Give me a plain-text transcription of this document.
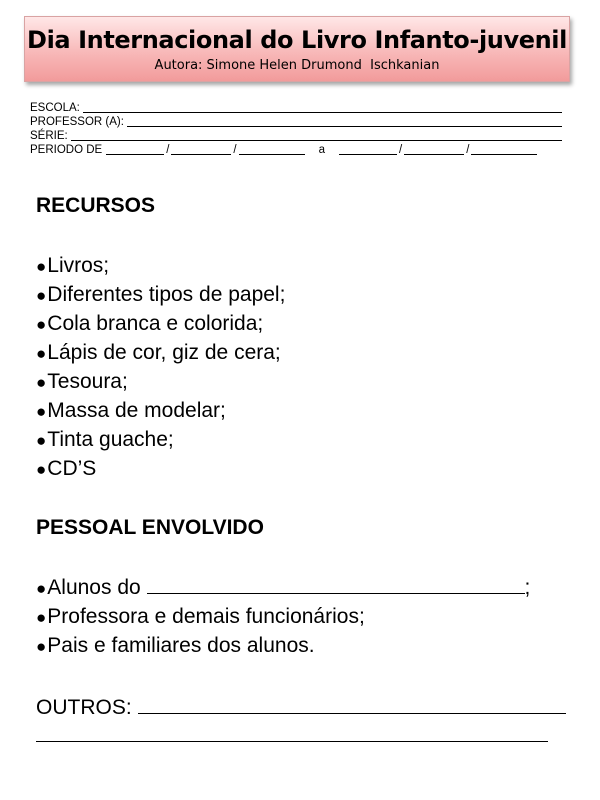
Dia Internacional do Livro Infanto-juvenil
Autora: Simone Helen Drumond  Ischkanian
ESCOLA:
PROFESSOR (A):
SÉRIE:
PERIODO DE	/	/	a	/	/
RECURSOS
●Livros;
●Diferentes tipos de papel;
●Cola branca e colorida;
●Lápis de cor, giz de cera;
●Tesoura;
●Massa de modelar;
●Tinta guache;
●CD’S
PESSOAL ENVOLVIDO
●Alunos do	;
●Professora e demais funcionários;
●Pais e familiares dos alunos.
OUTROS:
